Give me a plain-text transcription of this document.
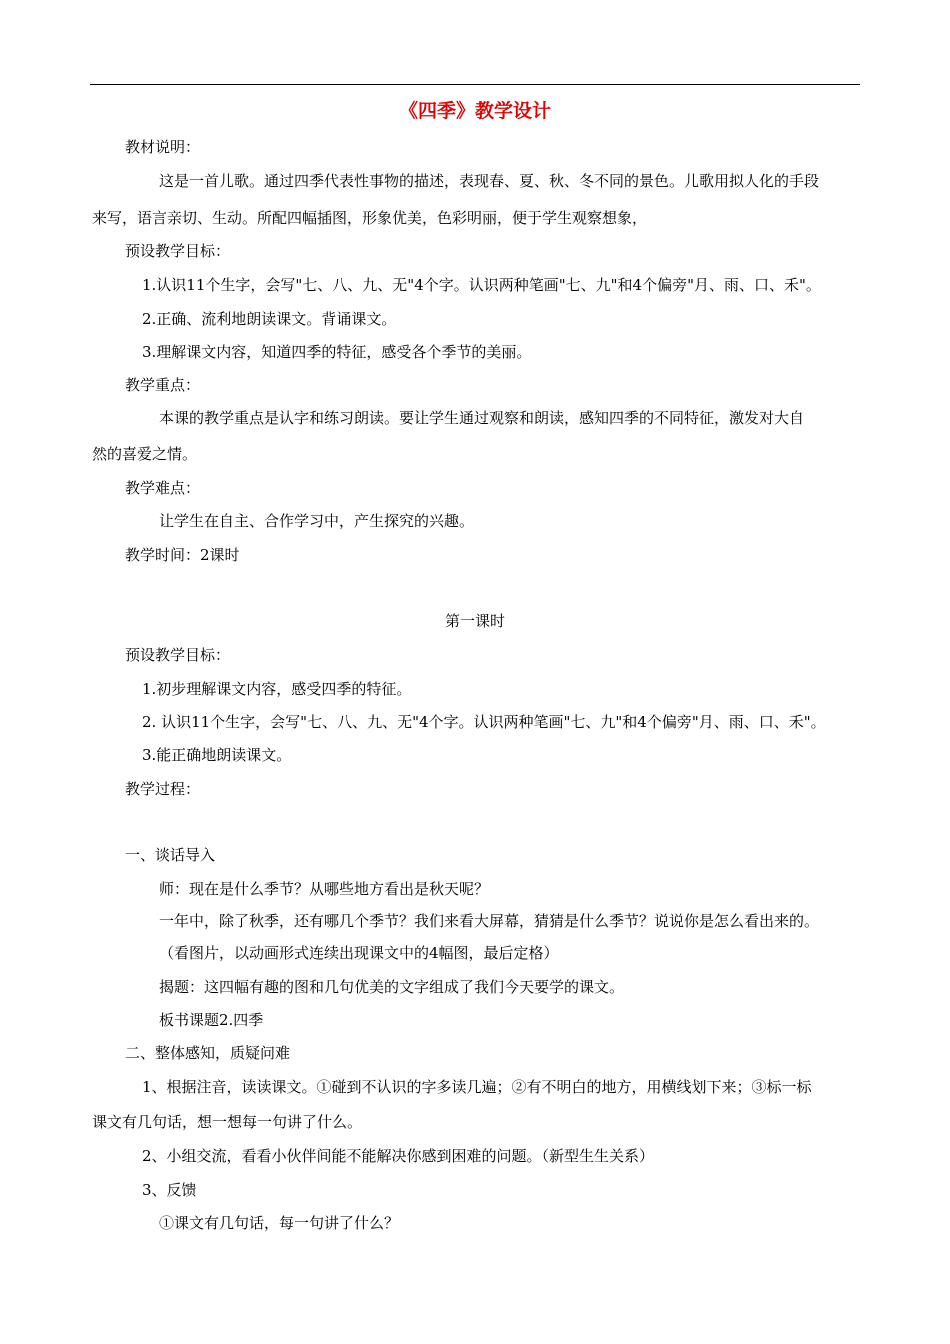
《四季》教学设计
教材说明：
这是一首儿歌。通过四季代表性事物的描述，表现春、夏、秋、冬不同的景色。儿歌用拟人化的手段
来写，语言亲切、生动。所配四幅插图，形象优美，色彩明丽，便于学生观察想象，
预设教学目标：
1.认识11个生字，会写"七、八、九、无"4个字。认识两种笔画"七、九"和4个偏旁"月、雨、口、禾"。
2.正确、流利地朗读课文。背诵课文。
3.理解课文内容，知道四季的特征，感受各个季节的美丽。
教学重点：
本课的教学重点是认字和练习朗读。要让学生通过观察和朗读，感知四季的不同特征，激发对大自
然的喜爱之情。
教学难点：
让学生在自主、合作学习中，产生探究的兴趣。
教学时间：2课时
第一课时
预设教学目标：
1.初步理解课文内容，感受四季的特征。
2. 认识11个生字，会写"七、八、九、无"4个字。认识两种笔画"七、九"和4个偏旁"月、雨、口、禾"。
3.能正确地朗读课文。
教学过程：
一、谈话导入
师：现在是什么季节？从哪些地方看出是秋天呢？
一年中，除了秋季，还有哪几个季节？我们来看大屏幕，猜猜是什么季节？说说你是怎么看出来的。
（看图片，以动画形式连续出现课文中的4幅图，最后定格）
揭题：这四幅有趣的图和几句优美的文字组成了我们今天要学的课文。
板书课题2.四季
二、整体感知，质疑问难
1、根据注音，读读课文。①碰到不认识的字多读几遍；②有不明白的地方，用横线划下来；③标一标
课文有几句话，想一想每一句讲了什么。
2、小组交流，看看小伙伴间能不能解决你感到困难的问题。（新型生生关系）
3、反馈
①课文有几句话，每一句讲了什么？
